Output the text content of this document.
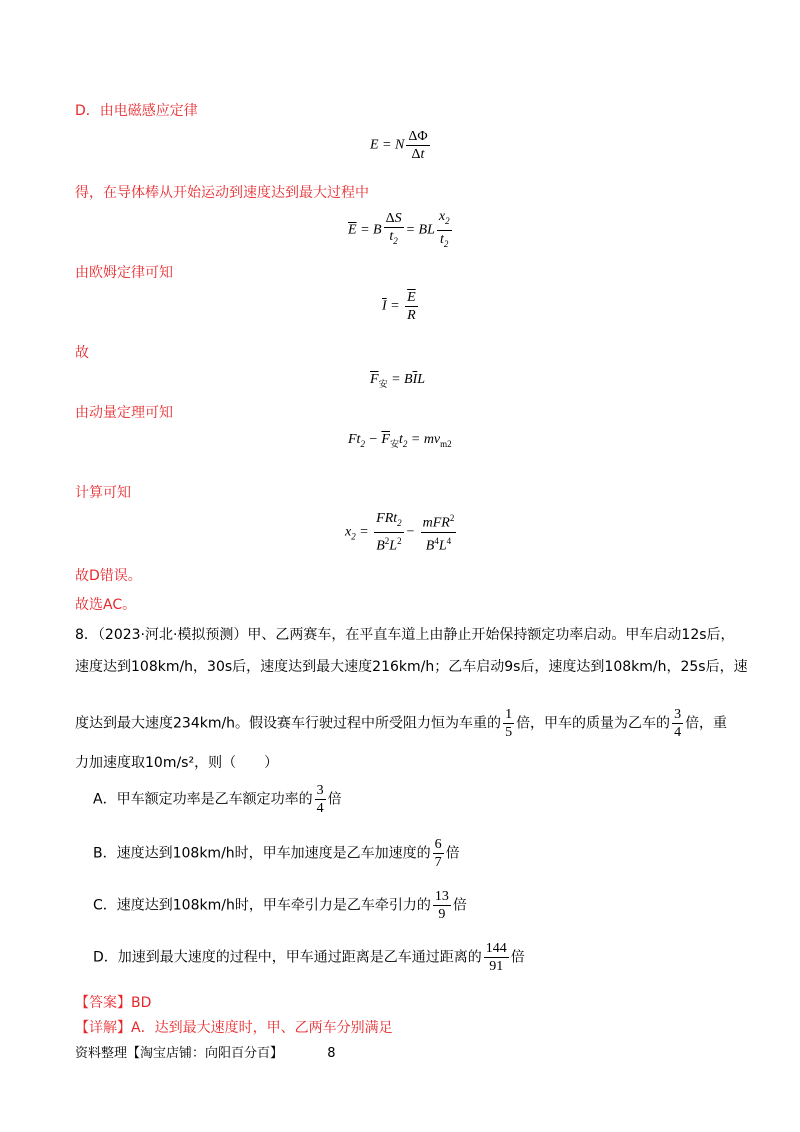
D．由电磁感应定律
E = N $\frac{\Delta\Phi}{\Delta t}$
得，在导体棒从开始运动到速度达到最大过程中
$\overline{E} = B \frac{\Delta S}{t_2}$ = BL $\frac{x_2}{t_2}$
由欧姆定律可知
$\overline{I} = \frac{\overline{E}}{R}$
故
$\overline{F}_安 = B\overline{I}L$
由动量定理可知
$Ft_2 - \overline{F}_安t_2 = mv_{m2}$
计算可知
$x_2 = \frac{FRt_2}{B^2L^2} - \frac{mFR^2}{B^4L^4}$
故D错误。
故选AC。
8．（2023·河北·模拟预测）甲、乙两赛车，在平直车道上由静止开始保持额定功率启动。甲车启动12s后，
速度达到108km/h，30s后，速度达到最大速度216km/h；乙车启动9s后，速度达到108km/h，25s后，速
度达到最大速度234km/h。假设赛车行驶过程中所受阻力恒为车重的 $\frac{1}{5}$ 倍，甲车的质量为乙车的 $\frac{3}{4}$ 倍，重
力加速度取10m/s²，则（　　）
A．甲车额定功率是乙车额定功率的 $\frac{3}{4}$ 倍
B．速度达到108km/h时，甲车加速度是乙车加速度的 $\frac{6}{7}$ 倍
C．速度达到108km/h时，甲车牵引力是乙车牵引力的 $\frac{13}{9}$ 倍
D．加速到最大速度的过程中，甲车通过距离是乙车通过距离的 $\frac{144}{91}$ 倍
【答案】BD
【详解】A．达到最大速度时，甲、乙两车分别满足
资料整理【淘宝店铺：向阳百分百】	8
